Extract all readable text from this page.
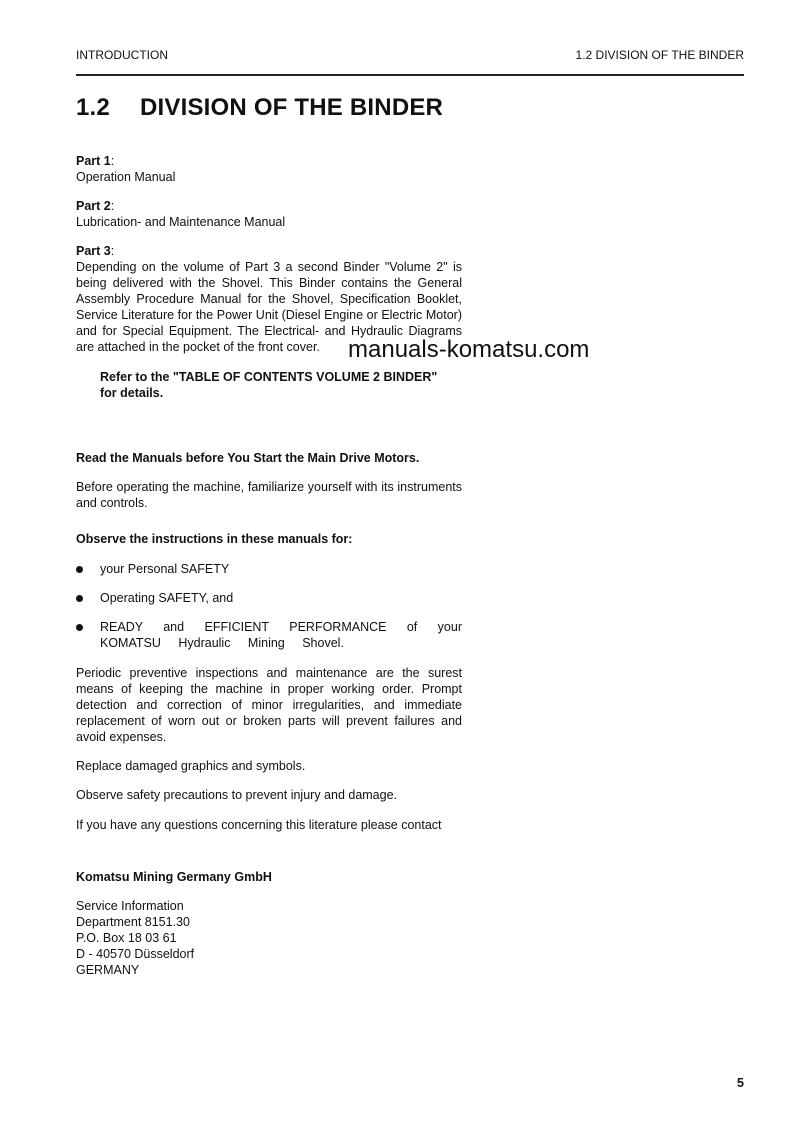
INTRODUCTION	1.2 DIVISION OF THE BINDER
1.2 DIVISION OF THE BINDER
Part 1:
Operation Manual
Part 2:
Lubrication- and Maintenance Manual
Part 3:
Depending on the volume of Part 3 a second Binder "Volume 2" is being delivered with the Shovel. This Binder contains the General Assembly Procedure Manual for the Shovel, Specification Booklet, Service Literature for the Power Unit (Diesel Engine or Electric Motor) and for Special Equipment. The Electrical- and Hydraulic Diagrams are attached in the pocket of the front cover.	manuals-komatsu.com
Refer to the "TABLE OF CONTENTS VOLUME 2 BINDER"
for details.
Read the Manuals before You Start the Main Drive Motors.
Before operating the machine, familiarize yourself with its instruments and controls.
Observe the instructions in these manuals for:
your Personal SAFETY
Operating SAFETY, and
READY and EFFICIENT PERFORMANCE of your KOMATSU Hydraulic Mining Shovel.
Periodic preventive inspections and maintenance are the surest means of keeping the machine in proper working order. Prompt detection and correction of minor irregularities, and immediate replacement of worn out or broken parts will prevent failures and avoid expenses.
Replace damaged graphics and symbols.
Observe safety precautions to prevent injury and damage.
If you have any questions concerning this literature please contact
Komatsu Mining Germany GmbH
Service Information
Department 8151.30
P.O. Box 18 03 61
D - 40570 Düsseldorf
GERMANY
5
